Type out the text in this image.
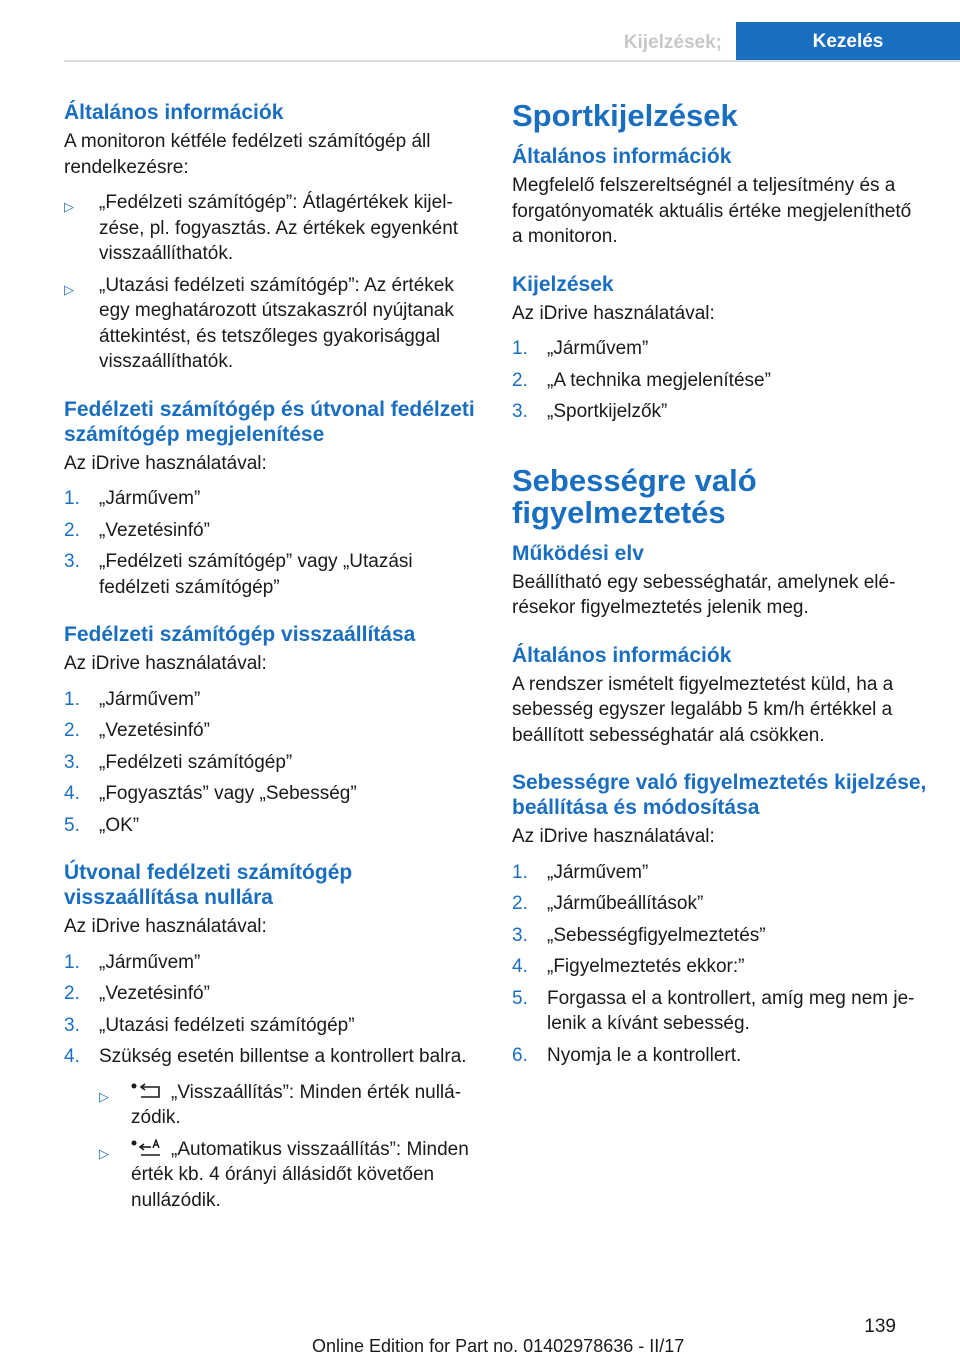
Kijelzések;	Kezelés
Általános információk

A monitoron kétféle fedélzeti számítógép áll rendelkezésre:

▷ „Fedélzeti számítógép”: Átlagértékek kijelzése, pl. fogyasztás. Az értékek egyenként visszaállíthatók.
▷ „Utazási fedélzeti számítógép”: Az értékek egy meghatározott útszakaszról nyújtanak áttekintést, és tetszőleges gyakorisággal visszaállíthatók.
Fedélzeti számítógép és útvonal fedélzeti számítógép megjelenítése

Az iDrive használatával:

1. „Járművem”
2. „Vezetésinfó”
3. „Fedélzeti számítógép” vagy „Utazási fedélzeti számítógép”
Fedélzeti számítógép visszaállítása

Az iDrive használatával:

1. „Járművem”
2. „Vezetésinfó”
3. „Fedélzeti számítógép”
4. „Fogyasztás” vagy „Sebesség”
5. „OK”
Útvonal fedélzeti számítógép visszaállítása nullára

Az iDrive használatával:

1. „Járművem”
2. „Vezetésinfó”
3. „Utazási fedélzeti számítógép”
4. Szükség esetén billentse a kontrollert balra.
▷	„Visszaállítás”: Minden érték nullázódik.
▷	„Automatikus visszaállítás”: Minden érték kb. 4 órányi állásidőt követően nullázódik.
Sportkijelzések
Általános információk

Megfelelő felszereltségnél a teljesítmény és a forgatónyomaték aktuális értéke megjeleníthető a monitoron.

Kijelzések

Az iDrive használatával:

1. „Járművem”
2. „A technika megjelenítése”
3. „Sportkijelzők”
Sebességre való figyelmeztetés
Működési elv

Beállítható egy sebességhatár, amelynek elérésekor figyelmeztetés jelenik meg.

Általános információk

A rendszer ismételt figyelmeztetést küld, ha a sebesség egyszer legalább 5 km/h értékkel a beállított sebességhatár alá csökken.

Sebességre való figyelmeztetés kijelzése, beállítása és módosítása

Az iDrive használatával:

1. „Járművem”
2. „Járműbeállítások”
3. „Sebességfigyelmeztetés”
4. „Figyelmeztetés ekkor:”
5. Forgassa el a kontrollert, amíg meg nem jelenik a kívánt sebesség.
6. Nyomja le a kontrollert.
139
Online Edition for Part no. 01402978636 - II/17
